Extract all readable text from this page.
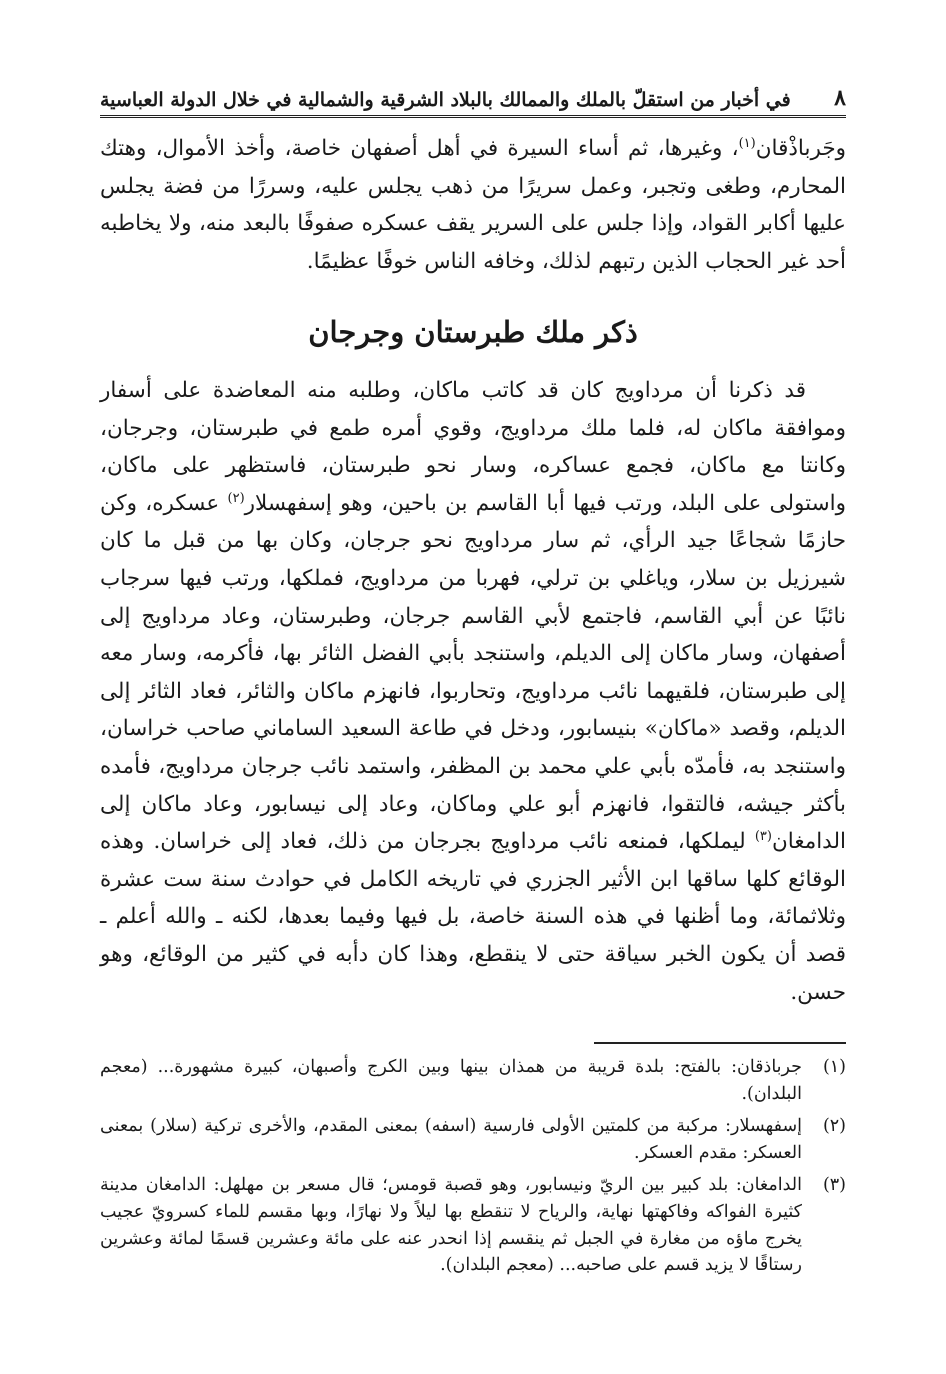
٨
في أخبار من استقلّ بالملك والممالك بالبلاد الشرقية والشمالية في خلال الدولة العباسية

وجَرباذْقان$^{(١)}$، وغيرها، ثم أساء السيرة في أهل أصفهان خاصة، وأخذ الأموال، وهتك المحارم، وطغى وتجبر، وعمل سريرًا من ذهب يجلس عليه، وسررًا من فضة يجلس عليها أكابر القواد، وإذا جلس على السرير يقف عسكره صفوفًا بالبعد منه، ولا يخاطبه أحد غير الحجاب الذين رتبهم لذلك، وخافه الناس خوفًا عظيمًا.

ذكر ملك طبرستان وجرجان

قد ذكرنا أن مرداويج كان قد كاتب ماكان، وطلبه منه المعاضدة على أسفار وموافقة ماكان له، فلما ملك مرداويج، وقوي أمره طمع في طبرستان، وجرجان، وكانتا مع ماكان، فجمع عساكره، وسار نحو طبرستان، فاستظهر على ماكان، واستولى على البلد، ورتب فيها أبا القاسم بن باحين، وهو إسفهسلار$^{(٢)}$ عسكره، وكن حازمًا شجاعًا جيد الرأي، ثم سار مرداويج نحو جرجان، وكان بها من قبل ما كان شيرزيل بن سلار، وياغلي بن ترلي، فهربا من مرداويج، فملكها، ورتب فيها سرجاب نائبًا عن أبي القاسم، فاجتمع لأبي القاسم جرجان، وطبرستان، وعاد مرداويج إلى أصفهان، وسار ماكان إلى الديلم، واستنجد بأبي الفضل الثائر بها، فأكرمه، وسار معه إلى طبرستان، فلقيهما نائب مرداويج، وتحاربوا، فانهزم ماكان والثائر، فعاد الثائر إلى الديلم، وقصد «ماكان» بنيسابور، ودخل في طاعة السعيد الساماني صاحب خراسان، واستنجد به، فأمدّه بأبي علي محمد بن المظفر، واستمد نائب جرجان مرداويج، فأمده بأكثر جيشه، فالتقوا، فانهزم أبو علي وماكان، وعاد إلى نيسابور، وعاد ماكان إلى الدامغان$^{(٣)}$ ليملكها، فمنعه نائب مرداويج بجرجان من ذلك، فعاد إلى خراسان. وهذه الوقائع كلها ساقها ابن الأثير الجزري في تاريخه الكامل في حوادث سنة ست عشرة وثلاثمائة، وما أظنها في هذه السنة خاصة، بل فيها وفيما بعدها، لكنه ـ والله أعلم ـ قصد أن يكون الخبر سياقة حتى لا ينقطع، وهذا كان دأبه في كثير من الوقائع، وهو حسن.

(١)
جرباذقان: بالفتح: بلدة قريبة من همذان بينها وبين الكرج وأصبهان، كبيرة مشهورة... (معجم البلدان).
(٢)
إسفهسلار: مركبة من كلمتين الأولى فارسية (اسفه) بمعنى المقدم، والأخرى تركية (سلار) بمعنى العسكر: مقدم العسكر.
(٣)
الدامغان: بلد كبير بين الريّ ونيسابور، وهو قصبة قومس؛ قال مسعر بن مهلهل: الدامغان مدينة كثيرة الفواكه وفاكهتها نهاية، والرياح لا تنقطع بها ليلاً ولا نهارًا، وبها مقسم للماء كسرويّ عجيب يخرج ماؤه من مغارة في الجبل ثم ينقسم إذا انحدر عنه على مائة وعشرين قسمًا لمائة وعشرين رستاقًا لا يزيد قسم على صاحبه... (معجم البلدان).
